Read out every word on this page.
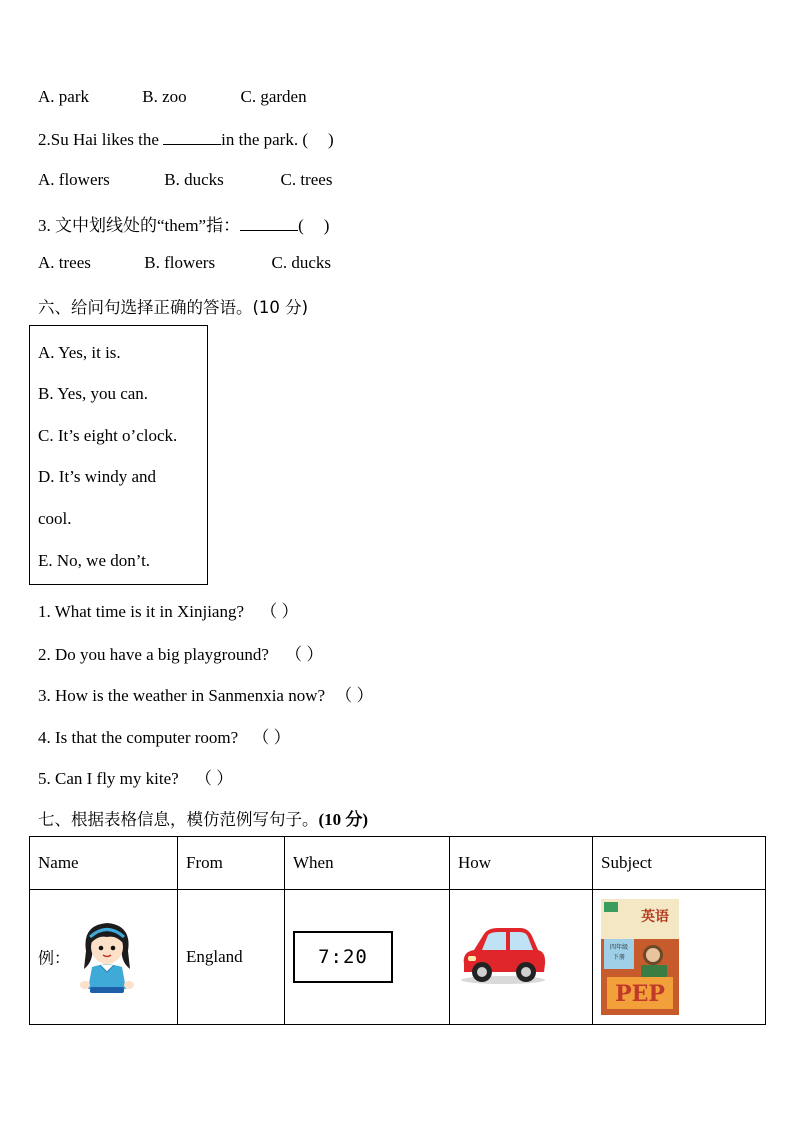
A. park	B. zoo	C. garden
2.Su Hai likes the	in the park. ( )
A. flowers	B. ducks	C. trees
3. 文中划线处的“them”指：	( )
A. trees	B. flowers	C. ducks
六、给问句选择正确的答语。(10 分)
A. Yes, it is.
B. Yes, you can.
C. It’s eight o’clock.
D. It’s windy and
cool.
E. No, we don’t.
1. What time is it in Xinjiang? （ ）
2. Do you have a big playground? （ ）
3. How is the weather in Sanmenxia now? （ ）
4. Is that the computer room? （ ）
5. Can I fly my kite? （ ）
七、根据表格信息，模仿范例写句子。(10 分)
Name	From	When	How	Subject
例：	England	7:20		英语
四年级
下册
PEP
